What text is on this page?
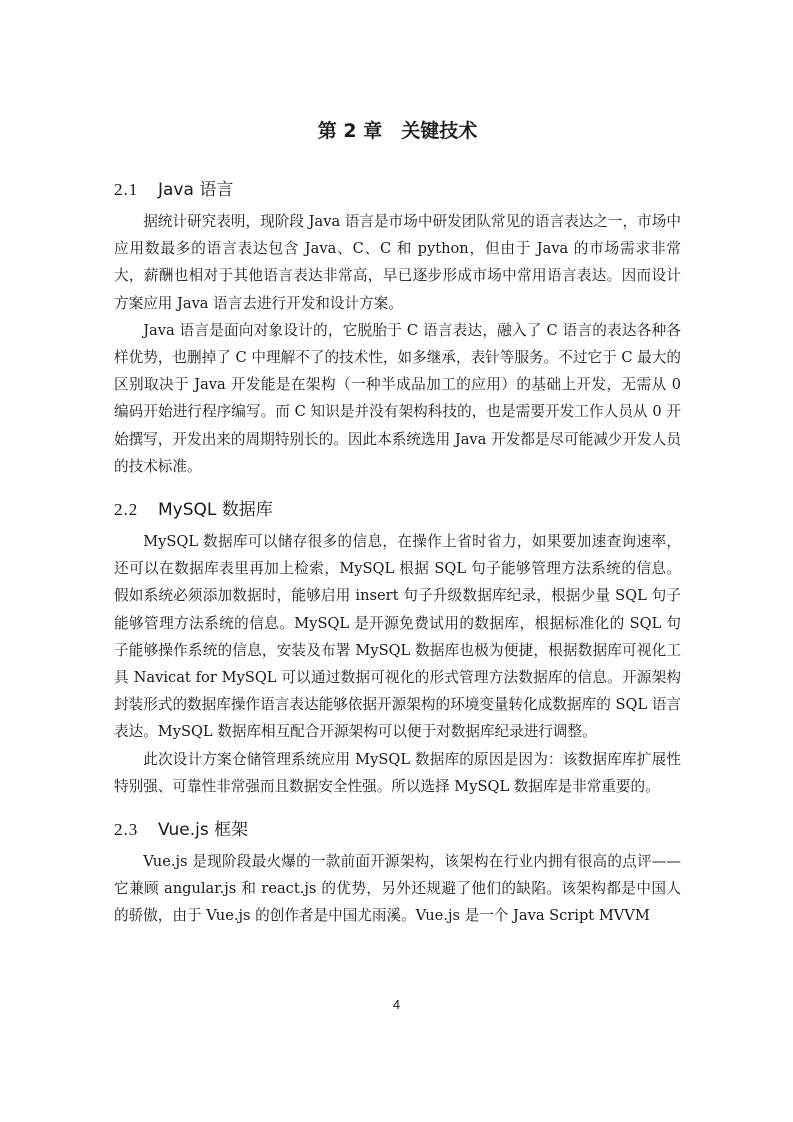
第 2 章　关键技术
2.1	Java 语言

据统计研究表明，现阶段 Java 语言是市场中研发团队常见的语言表达之一，市场中应用数最多的语言表达包含 Java、C、C 和 python，但由于 Java 的市场需求非常大，薪酬也相对于其他语言表达非常高，早已逐步形成市场中常用语言表达。因而设计方案应用 Java 语言去进行开发和设计方案。

Java 语言是面向对象设计的，它脱胎于 C 语言表达，融入了 C 语言的表达各种各样优势，也删掉了 C 中理解不了的技术性，如多继承，表针等服务。不过它于 C 最大的区别取决于 Java 开发能是在架构（一种半成品加工的应用）的基础上开发，无需从 0 编码开始进行程序编写。而 C 知识是并没有架构科技的，也是需要开发工作人员从 0 开始撰写，开发出来的周期特别长的。因此本系统选用 Java 开发都是尽可能减少开发人员的技术标准。

2.2	MySQL 数据库

MySQL 数据库可以储存很多的信息，在操作上省时省力，如果要加速查询速率，还可以在数据库表里再加上检索，MySQL 根据 SQL 句子能够管理方法系统的信息。假如系统必须添加数据时，能够启用 insert 句子升级数据库纪录，根据少量 SQL 句子能够管理方法系统的信息。MySQL 是开源免费试用的数据库，根据标准化的 SQL 句子能够操作系统的信息，安装及布署 MySQL 数据库也极为便捷，根据数据库可视化工具 Navicat for MySQL 可以通过数据可视化的形式管理方法数据库的信息。开源架构封装形式的数据库操作语言表达能够依据开源架构的环境变量转化成数据库的 SQL 语言表达。MySQL 数据库相互配合开源架构可以便于对数据库纪录进行调整。

此次设计方案仓储管理系统应用 MySQL 数据库的原因是因为：该数据库库扩展性特别强、可靠性非常强而且数据安全性强。所以选择 MySQL 数据库是非常重要的。

2.3	Vue.js 框架

Vue.js 是现阶段最火爆的一款前面开源架构，该架构在行业内拥有很高的点评——它兼顾 angular.js 和 react.js 的优势，另外还规避了他们的缺陷。该架构都是中国人的骄傲，由于 Vue.js 的创作者是中国尤雨溪。Vue.js 是一个 Java Script MVVM

4
